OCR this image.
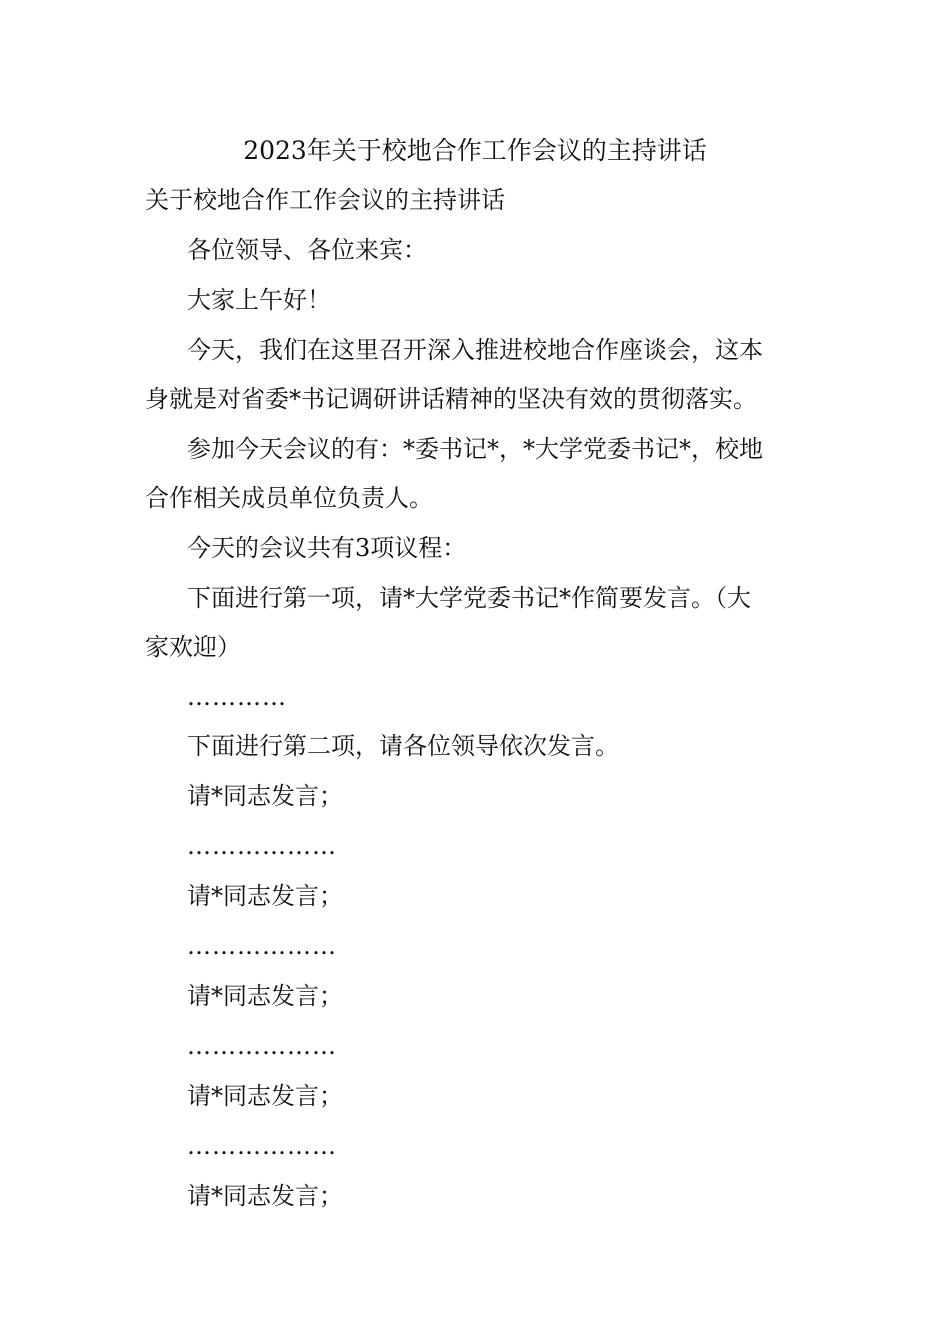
2023年关于校地合作工作会议的主持讲话
关于校地合作工作会议的主持讲话
各位领导、各位来宾：
大家上午好！
今天，我们在这里召开深入推进校地合作座谈会，这本
身就是对省委*书记调研讲话精神的坚决有效的贯彻落实。
参加今天会议的有：*委书记*，*大学党委书记*，校地
合作相关成员单位负责人。
今天的会议共有3项议程：
下面进行第一项，请*大学党委书记*作简要发言。（大
家欢迎）
…………
下面进行第二项，请各位领导依次发言。
请*同志发言；
………………
请*同志发言；
………………
请*同志发言；
………………
请*同志发言；
………………
请*同志发言；
